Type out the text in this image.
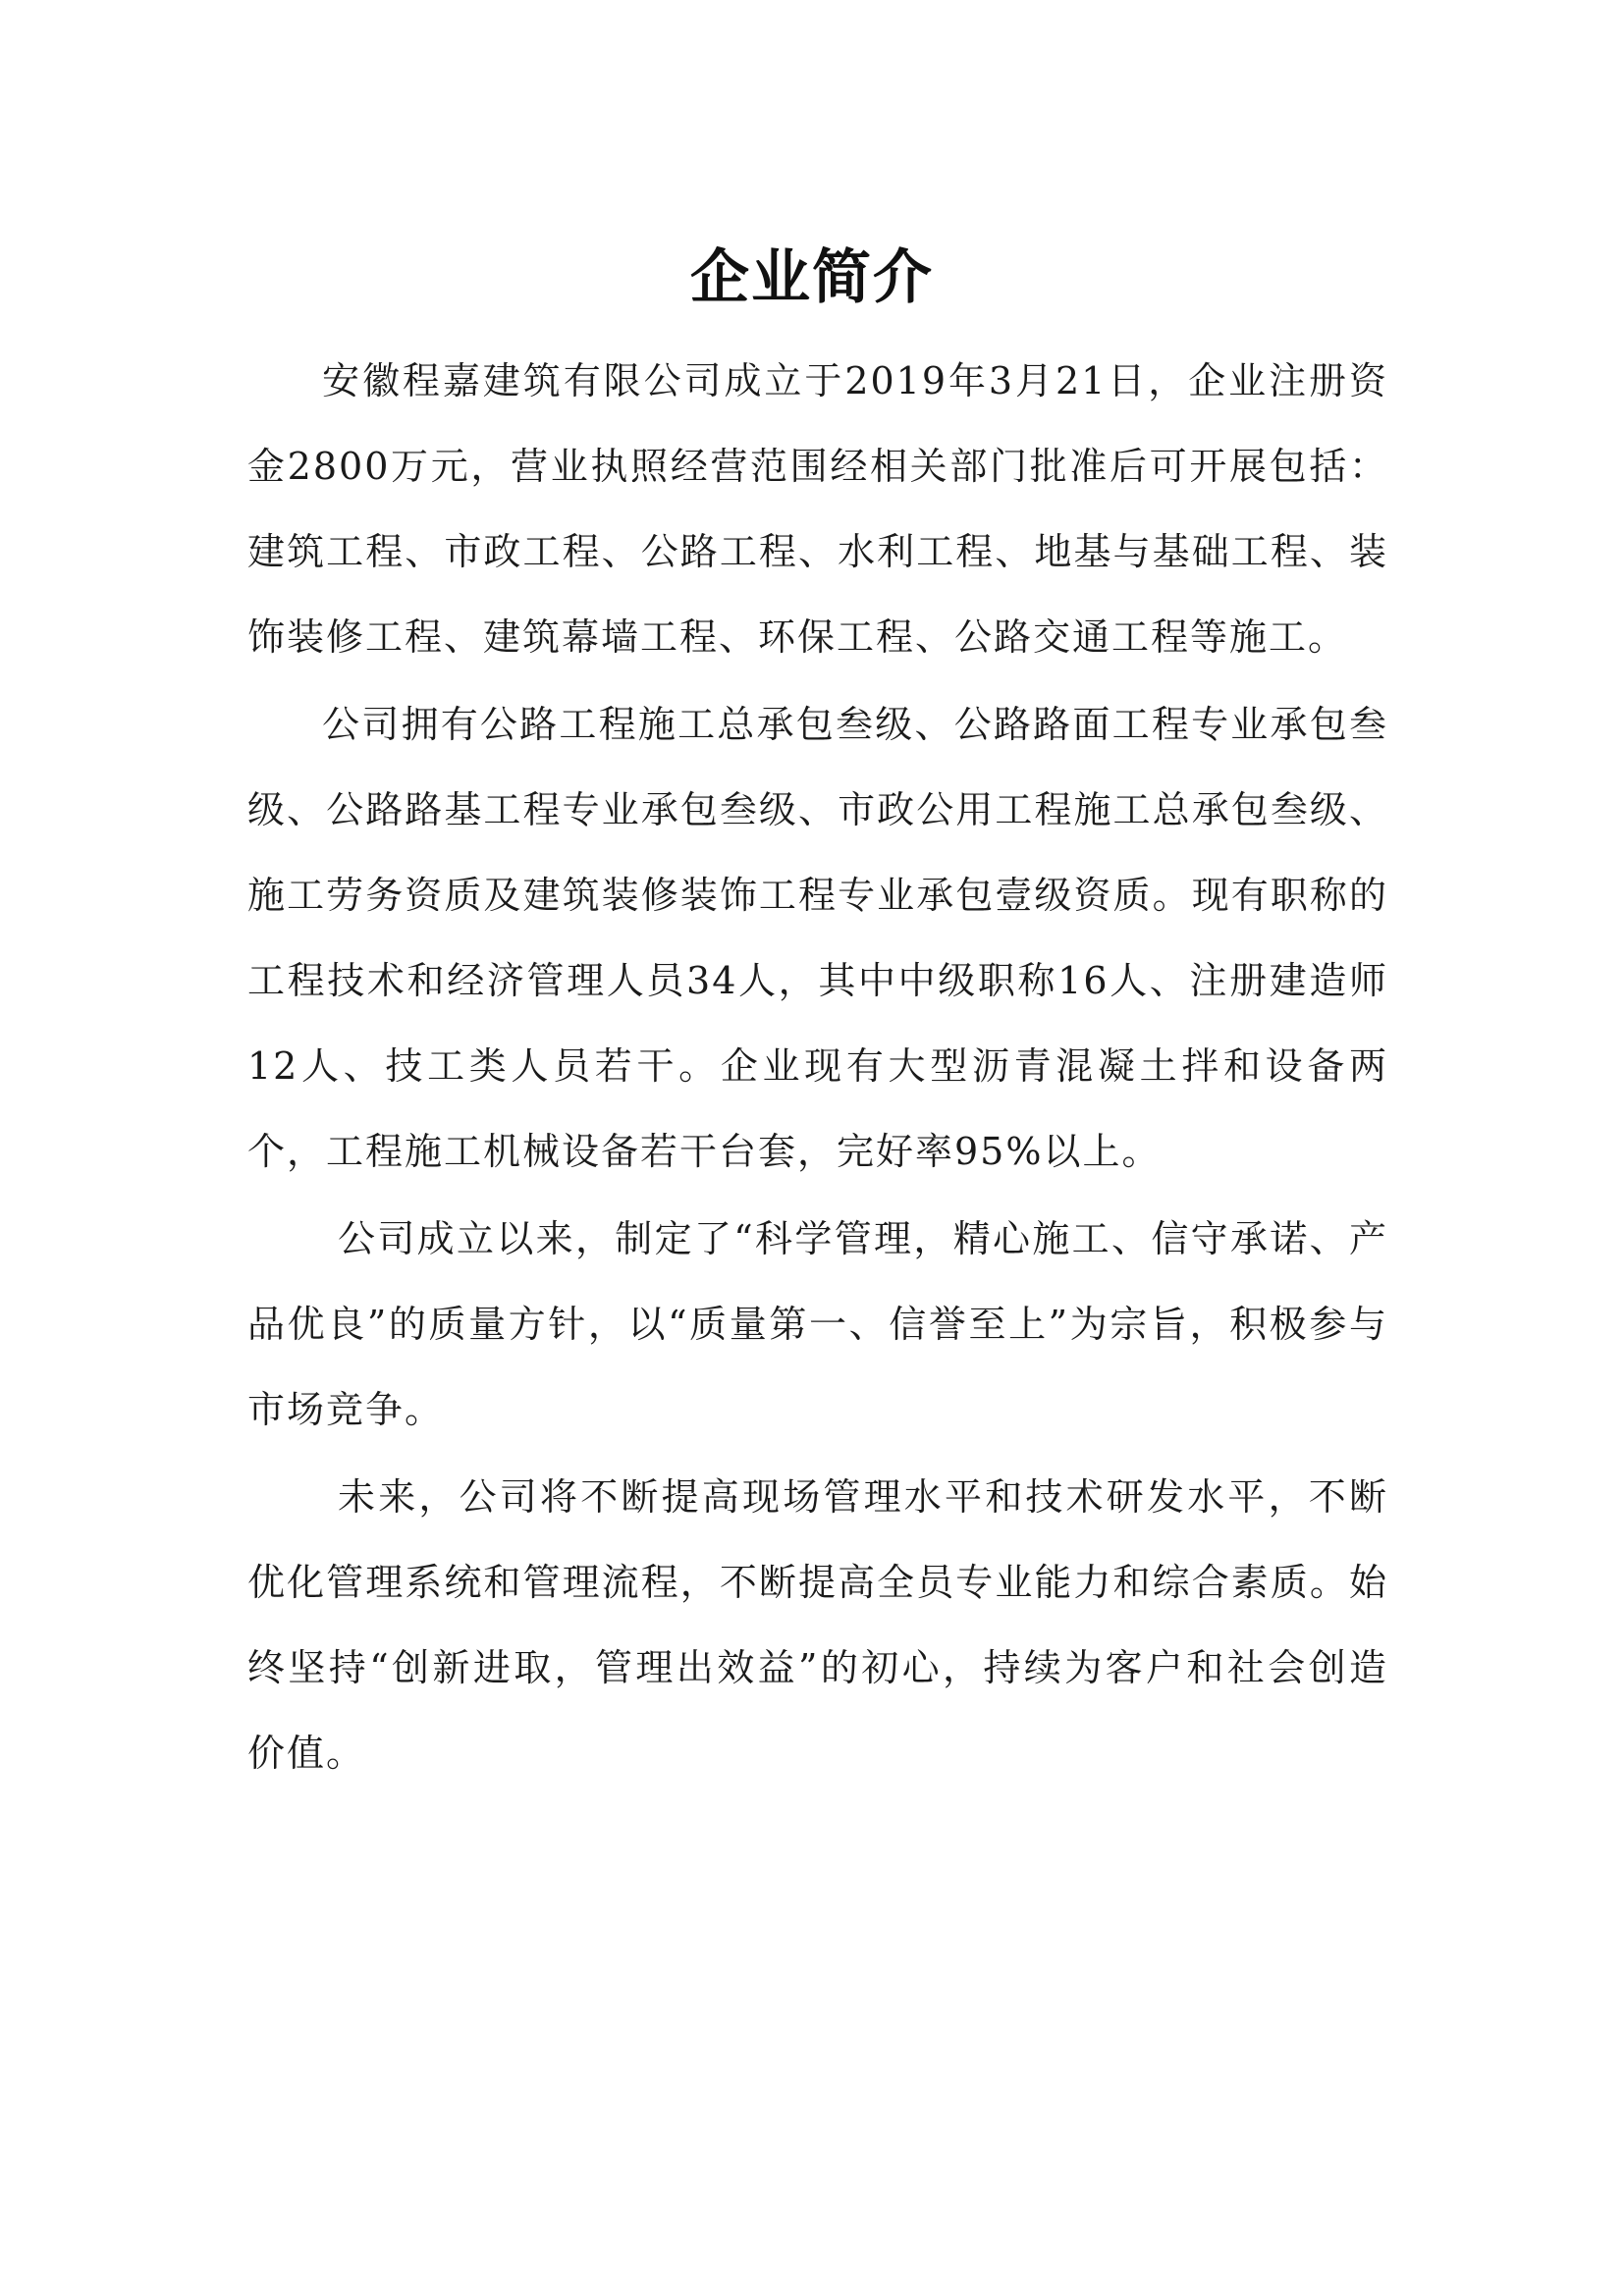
企业简介

安徽程嘉建筑有限公司成立于2019年3月21日，企业注册资金2800万元，营业执照经营范围经相关部门批准后可开展包括：建筑工程、市政工程、公路工程、水利工程、地基与基础工程、装饰装修工程、建筑幕墙工程、环保工程、公路交通工程等施工。

公司拥有公路工程施工总承包叁级、公路路面工程专业承包叁级、公路路基工程专业承包叁级、市政公用工程施工总承包叁级、施工劳务资质及建筑装修装饰工程专业承包壹级资质。现有职称的工程技术和经济管理人员34人，其中中级职称16人、注册建造师12人、技工类人员若干。企业现有大型沥青混凝土拌和设备两个，工程施工机械设备若干台套，完好率95%以上。

公司成立以来，制定了“科学管理，精心施工、信守承诺、产品优良”的质量方针，以“质量第一、信誉至上”为宗旨，积极参与市场竞争。

未来，公司将不断提高现场管理水平和技术研发水平，不断优化管理系统和管理流程，不断提高全员专业能力和综合素质。始终坚持“创新进取，管理出效益”的初心，持续为客户和社会创造价值。
